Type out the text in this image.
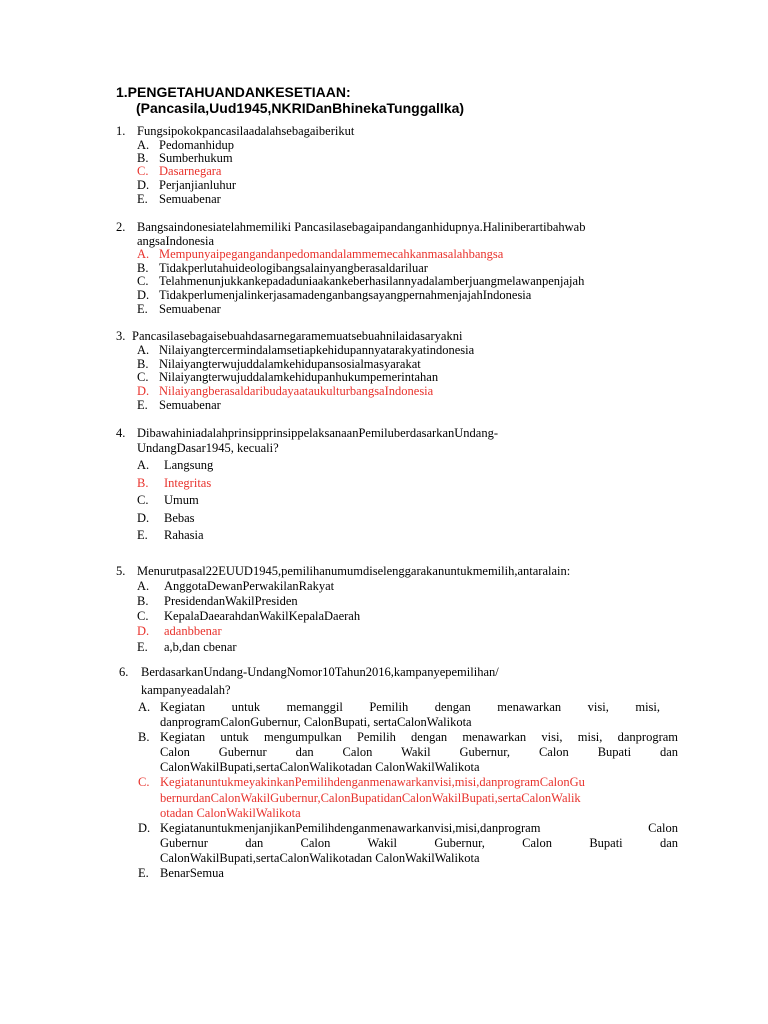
1.PENGETAHUANDANKESETIAAN:
(Pancasila,Uud1945,NKRIDanBhinekaTunggalIka)
1. Fungsipokokpancasilaadalahsebagaiberikut
A. Pedomanhidup
B. Sumberhukum
C. Dasarnegara
D. Perjanjianluhur
E. Semuabenar
2. Bangsaindonesiatelahmemiliki Pancasilasebagaipandanganhidupnya.Haliniberartibahwab
angsaIndonesia
A. Mempunyaipegangandanpedomandalammemecahkanmasalahbangsa
B. Tidakperlutahuideologibangsalainyangberasaldariluar
C. Telahmenunjukkankepadaduniaakankeberhasilannyadalamberjuangmelawanpenjajah
D. TidakperlumenjalinkerjasamadenganbangsayangpernahmenjajahIndonesia
E. Semuabenar
3. Pancasilasebagaisebuahdasarnegaramemuatsebuahnilaidasaryakni
A. Nilaiyangtercermindalamsetiapkehidupannyatarakyatindonesia
B. Nilaiyangterwujuddalamkehidupansosialmasyarakat
C. Nilaiyangterwujuddalamkehidupanhukumpemerintahan
D. NilaiyangberasaldaribudayaataukulturbangsaIndonesia
E. Semuabenar
4. DibawahiniadalahprinsipprinsippelaksanaanPemiluberdasarkanUndang-
UndangDasar1945, kecuali?
A. Langsung
B. Integritas
C. Umum
D. Bebas
E. Rahasia
5. Menurutpasal22EUUD1945,pemilihanumumdiselenggarakanuntukmemilih,antaralain:
A. AnggotaDewanPerwakilanRakyat
B. PresidendanWakilPresiden
C. KepalaDaearahdanWakilKepalaDaerah
D. adanbbenar
E. a,b,dan cbenar
6. BerdasarkanUndang-UndangNomor10Tahun2016,kampanyepemilihan/
kampanyeadalah?
A. Kegiatan untuk memanggil Pemilih dengan menawarkan visi, misi,
danprogramCalonGubernur, CalonBupati, sertaCalonWalikota
B. Kegiatan untuk mengumpulkan Pemilih dengan menawarkan visi, misi, danprogram
Calon Gubernur dan Calon Wakil Gubernur, Calon Bupati dan
CalonWakilBupati,sertaCalonWalikotadan CalonWakilWalikota
C. KegiatanuntukmeyakinkanPemilihdenganmenawarkanvisi,misi,danprogramCalonGu
bernurdanCalonWakilGubernur,CalonBupatidanCalonWakilBupati,sertaCalonWalik
otadan CalonWakilWalikota
D. KegiatanuntukmenjanjikanPemilihdenganmenawarkanvisi,misi,danprogram Calon
Gubernur dan Calon Wakil Gubernur, Calon Bupati dan
CalonWakilBupati,sertaCalonWalikotadan CalonWakilWalikota
E. BenarSemua
